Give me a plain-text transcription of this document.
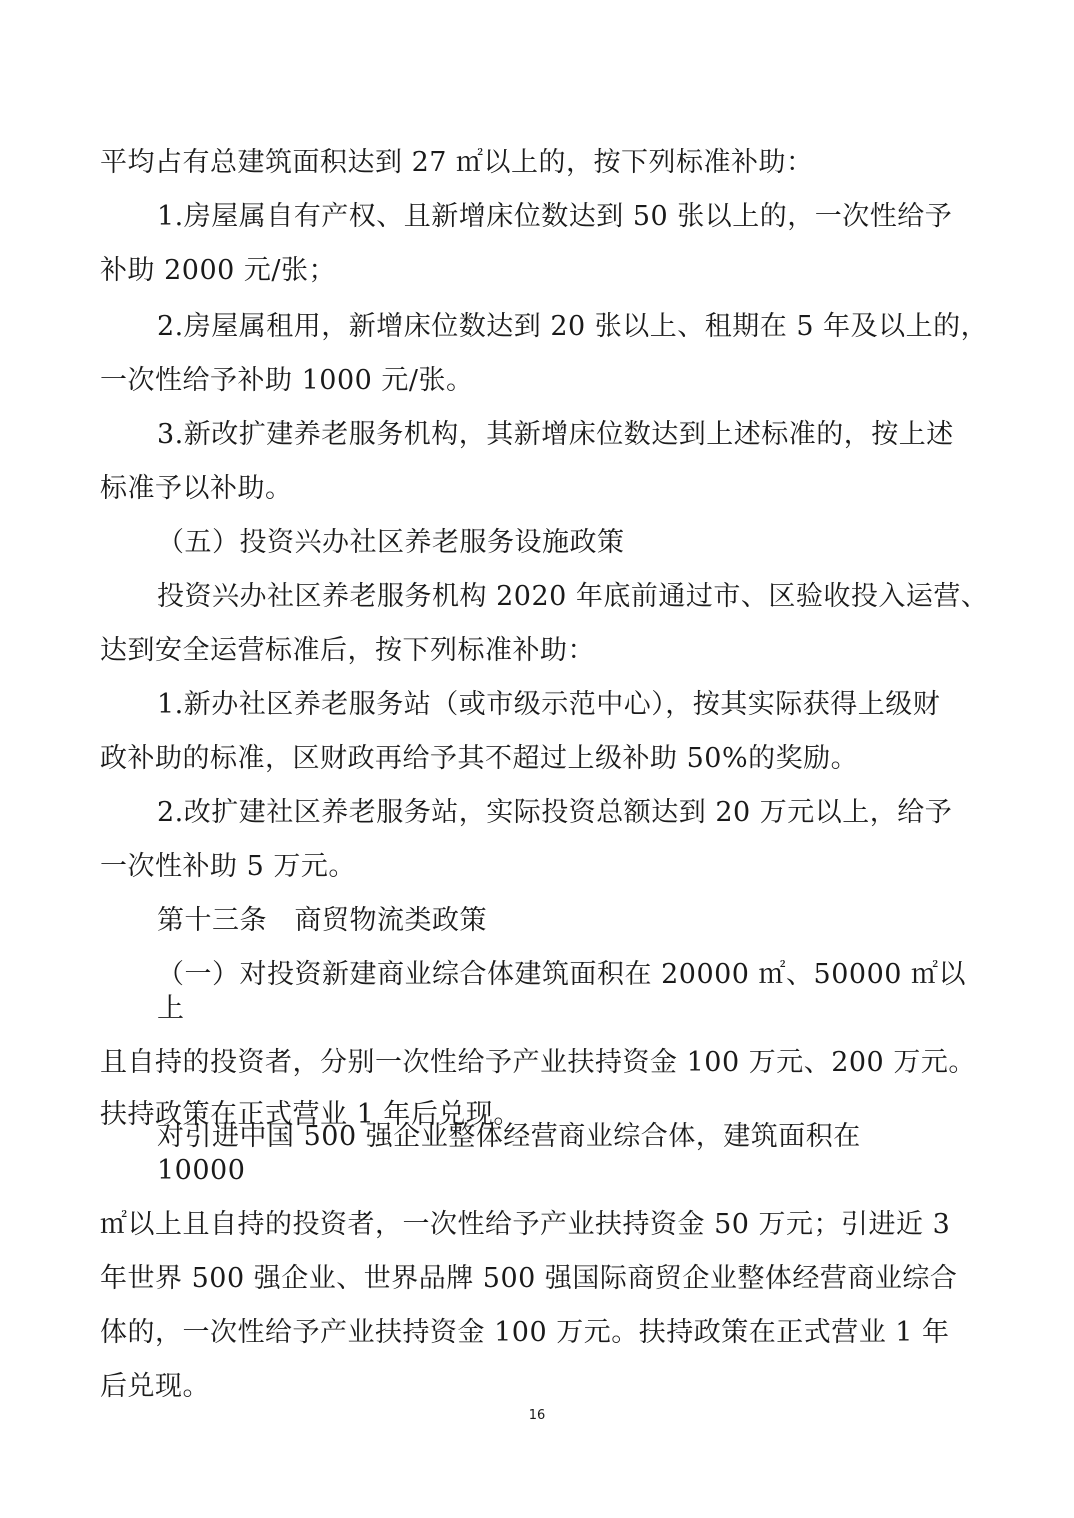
平均占有总建筑面积达到 27 ㎡以上的，按下列标准补助：
1.房屋属自有产权、且新增床位数达到 50 张以上的，一次性给予
补助 2000 元/张；
2.房屋属租用，新增床位数达到 20 张以上、租期在 5 年及以上的，
一次性给予补助 1000 元/张。
3.新改扩建养老服务机构，其新增床位数达到上述标准的，按上述
标准予以补助。
（五）投资兴办社区养老服务设施政策
投资兴办社区养老服务机构 2020 年底前通过市、区验收投入运营、
达到安全运营标准后，按下列标准补助：
1.新办社区养老服务站（或市级示范中心），按其实际获得上级财
政补助的标准，区财政再给予其不超过上级补助 50%的奖励。
2.改扩建社区养老服务站，实际投资总额达到 20 万元以上，给予
一次性补助 5 万元。
第十三条　商贸物流类政策
（一）对投资新建商业综合体建筑面积在 20000 ㎡、50000 ㎡以
上
且自持的投资者，分别一次性给予产业扶持资金 100 万元、200 万元。
扶持政策在正式营业 1 年后兑现。
对引进中国 500 强企业整体经营商业综合体，建筑面积在
10000
㎡以上且自持的投资者，一次性给予产业扶持资金 50 万元；引进近 3
年世界 500 强企业、世界品牌 500 强国际商贸企业整体经营商业综合
体的，一次性给予产业扶持资金 100 万元。扶持政策在正式营业 1 年
后兑现。
16
